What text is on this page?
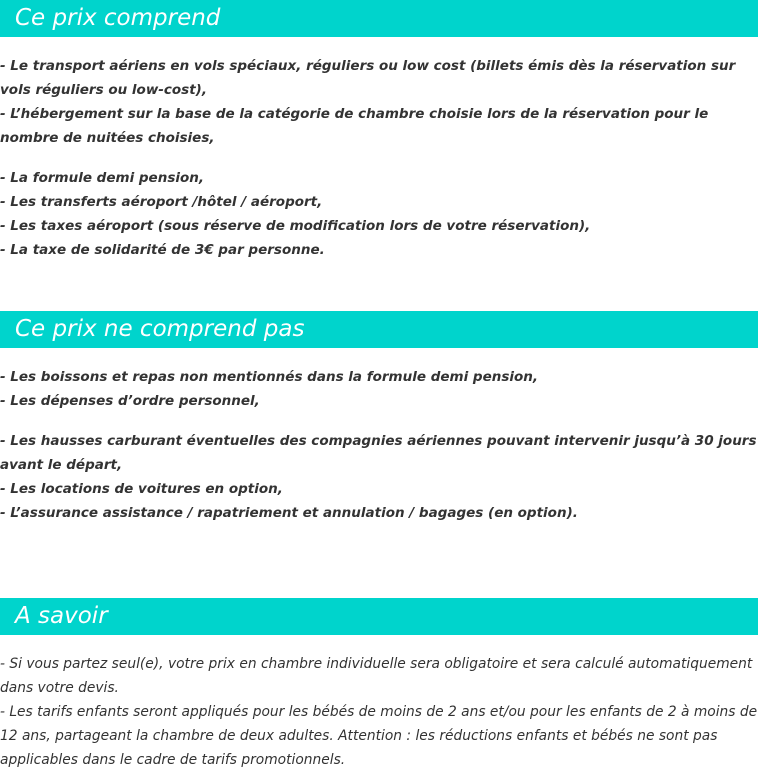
Ce prix comprend

- Le transport aériens en vols spéciaux, réguliers ou low cost (billets émis dès la réservation sur vols réguliers ou low-cost),
- L’hébergement sur la base de la catégorie de chambre choisie lors de la réservation pour le nombre de nuitées choisies,

- La formule demi pension,
- Les transferts aéroport /hôtel / aéroport,
- Les taxes aéroport (sous réserve de modification lors de votre réservation),
- La taxe de solidarité de 3€ par personne.

Ce prix ne comprend pas

- Les boissons et repas non mentionnés dans la formule demi pension,
- Les dépenses d’ordre personnel,

- Les hausses carburant éventuelles des compagnies aériennes pouvant intervenir jusqu’à 30 jours avant le départ,
- Les locations de voitures en option,
- L’assurance assistance / rapatriement et annulation / bagages (en option).

A savoir

- Si vous partez seul(e), votre prix en chambre individuelle sera obligatoire et sera calculé automatiquement dans votre devis.
- Les tarifs enfants seront appliqués pour les bébés de moins de 2 ans et/ou pour les enfants de 2 à moins de 12 ans, partageant la chambre de deux adultes. Attention : les réductions enfants et bébés ne sont pas applicables dans le cadre de tarifs promotionnels.
